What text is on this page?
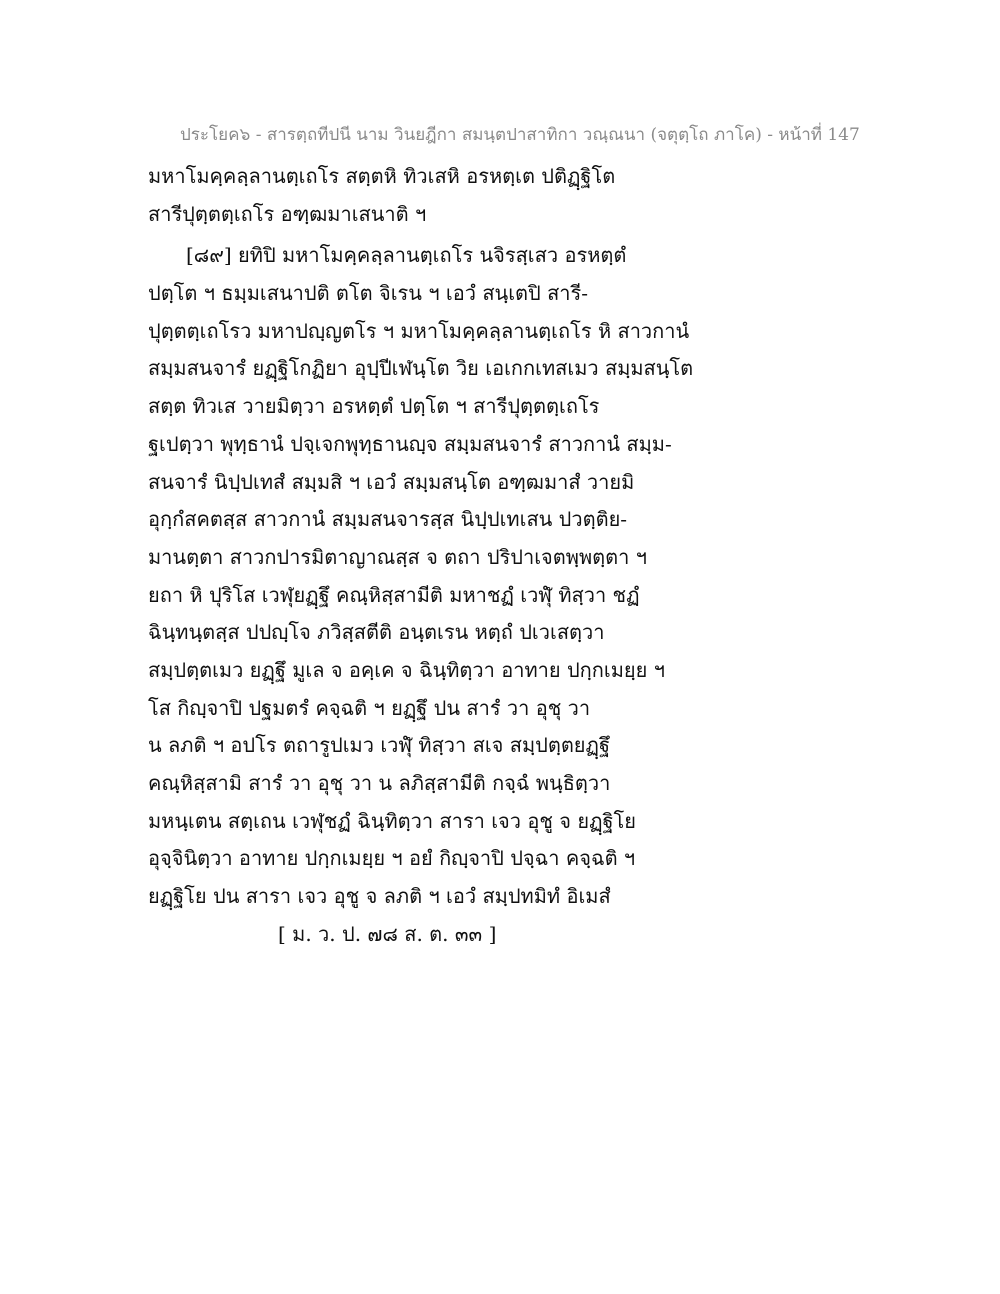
ประโยค๖ - สารตฺถทีปนี นาม วินยฎีกา สมนฺตปาสาทิกา วณฺณนา (จตุตฺโถ ภาโค) - หน้าที่ 147
มหาโมคฺคลฺลานตฺเถโร สตฺตหิ ทิวเสหิ อรหตฺเต ปติฏฺฐิโต
สารีปุตฺตตฺเถโร อฑฺฒมาเสนาติ ฯ
[๘๙] ยทิปิ มหาโมคฺคลฺลานตฺเถโร นจิรสฺเสว อรหตฺตํ
ปตฺโต ฯ ธมฺมเสนาปติ ตโต จิเรน ฯ เอวํ สนฺเตปิ สารี-
ปุตฺตตฺเถโรว มหาปญฺญตโร ฯ มหาโมคฺคลฺลานตฺเถโร หิ สาวกานํ
สมฺมสนจารํ ยฏฺฐิโกฏิยา อุปฺปีเฬนฺโต วิย เอเกกเทสเมว สมฺมสนฺโต
สตฺต ทิวเส วายมิตฺวา อรหตฺตํ ปตฺโต ฯ สารีปุตฺตตฺเถโร
ฐเปตฺวา พุทฺธานํ ปจฺเจกพุทฺธานญฺจ สมฺมสนจารํ สาวกานํ สมฺม-
สนจารํ นิปฺปเทสํ สมฺมสิ ฯ เอวํ สมฺมสนฺโต อฑฺฒมาสํ วายมิ
อุกฺกํสคตสฺส สาวกานํ สมฺมสนจารสฺส นิปฺปเทเสน ปวตฺติย-
มานตฺตา สาวกปารมิตาญาณสฺส จ ตถา ปริปาเจตพฺพตฺตา ฯ
ยถา หิ ปุริโส เวฬุยฏฺฐึ คณฺหิสฺสามีติ มหาชฏํ เวฬุํ ทิสฺวา ชฏํ
ฉินฺทนฺตสฺส ปปญฺโจ ภวิสฺสตีติ อนฺตเรน หตฺถํ ปเวเสตฺวา
สมฺปตฺตเมว ยฏฺฐึ มูเล จ อคฺเค จ ฉินฺทิตฺวา อาทาย ปกฺกเมยฺย ฯ
โส กิญฺจาปิ ปฐมตรํ คจฺฉติ ฯ ยฏฺฐึ ปน สารํ วา อุชุ วา
น ลภติ ฯ อปโร ตถารูปเมว เวฬุํ ทิสฺวา สเจ สมฺปตฺตยฏฺฐึ
คณฺหิสฺสามิ สารํ วา อุชุ วา น ลภิสฺสามีติ กจฺฉํ พนฺธิตฺวา
มหนฺเตน สตฺเถน เวฬุชฏํ ฉินฺทิตฺวา สารา เจว อุชู จ ยฏฺฐิโย
อุจฺจินิตฺวา อาทาย ปกฺกเมยฺย ฯ อยํ กิญฺจาปิ ปจฺฉา คจฺฉติ ฯ
ยฏฺฐิโย ปน สารา เจว อุชู จ ลภติ ฯ เอวํ สมฺปทมิทํ อิเมสํ
[ ม. ว. ป. ๗๘ ส. ต. ๓๓ ]
